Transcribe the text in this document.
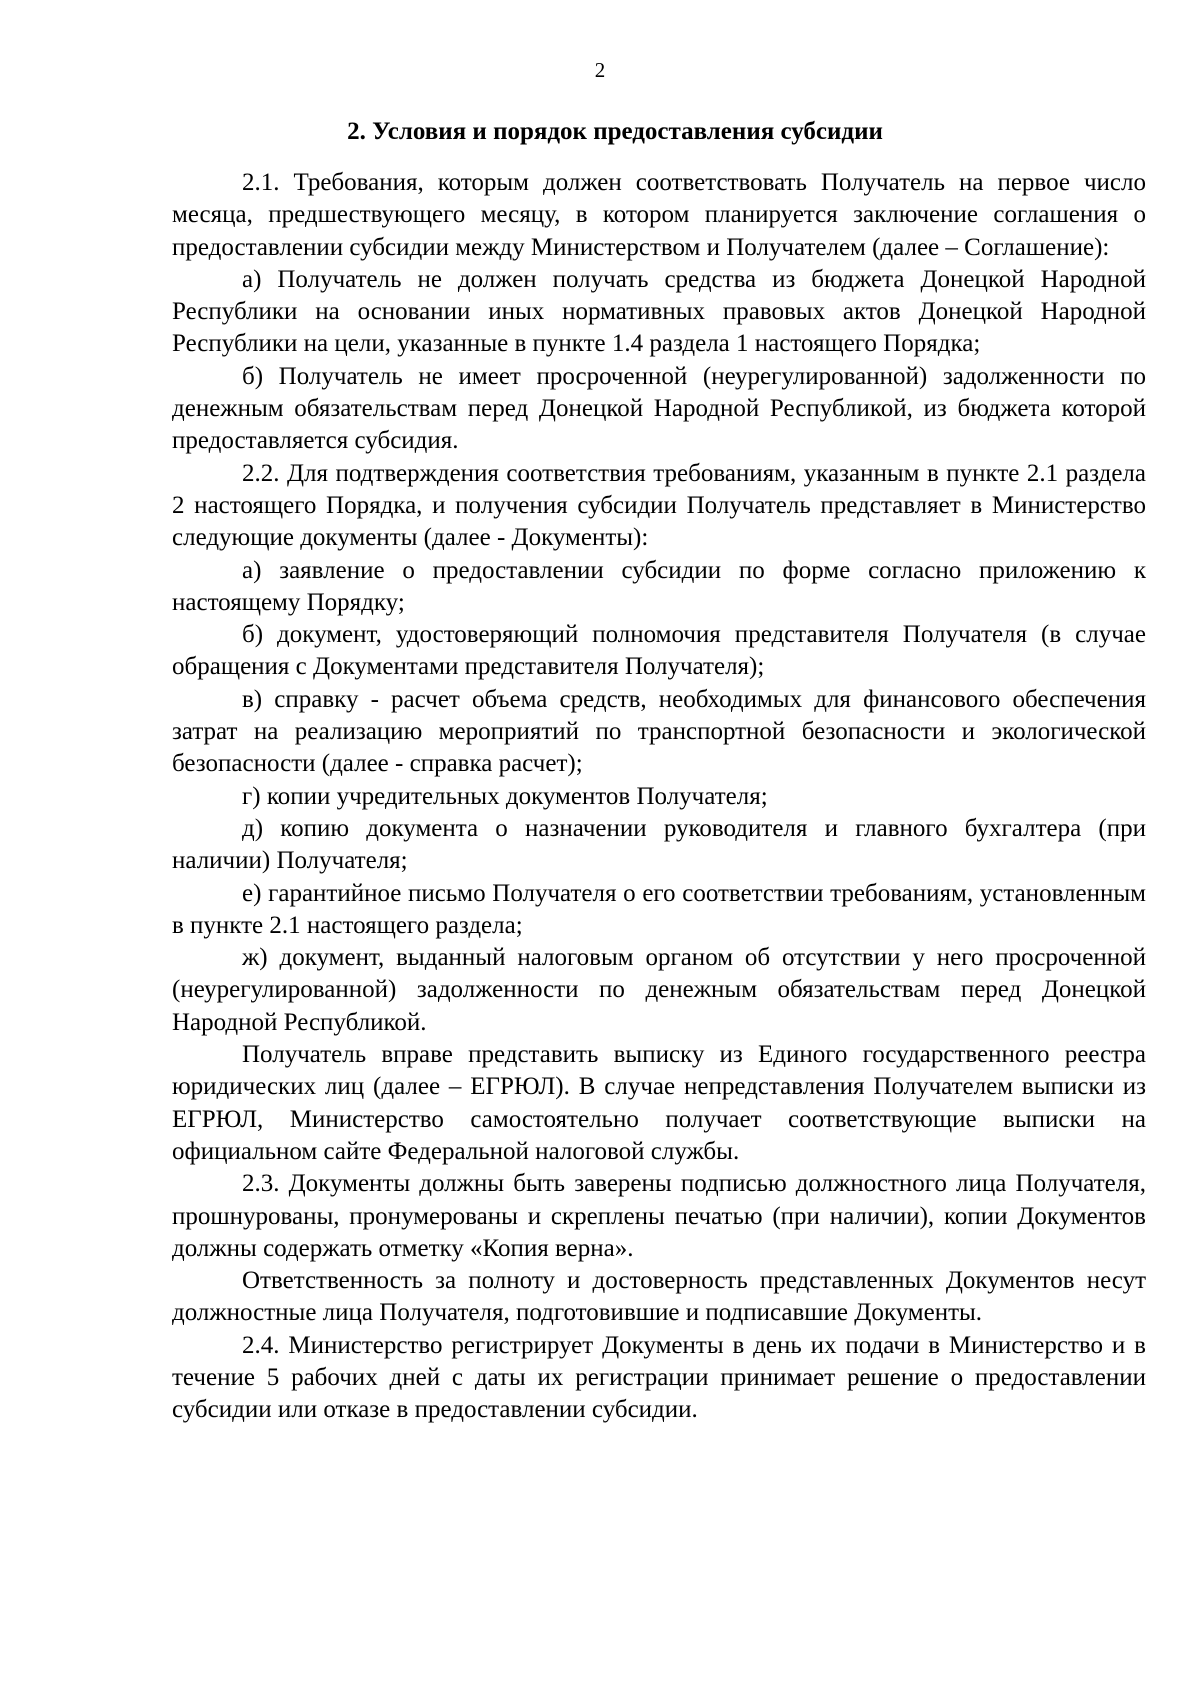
2
2. Условия и порядок предоставления субсидии

2.1. Требования, которым должен соответствовать Получатель на первое число месяца, предшествующего месяцу, в котором планируется заключение соглашения о предоставлении субсидии между Министерством и Получателем (далее – Соглашение):

а) Получатель не должен получать средства из бюджета Донецкой Народной Республики на основании иных нормативных правовых актов Донецкой Народной Республики на цели, указанные в пункте 1.4 раздела 1 настоящего Порядка;

б) Получатель не имеет просроченной (неурегулированной) задолженности по денежным обязательствам перед Донецкой Народной Республикой, из бюджета которой предоставляется субсидия.

2.2. Для подтверждения соответствия требованиям, указанным в пункте 2.1 раздела 2 настоящего Порядка, и получения субсидии Получатель представляет в Министерство следующие документы (далее - Документы):

а) заявление о предоставлении субсидии по форме согласно приложению к настоящему Порядку;

б) документ, удостоверяющий полномочия представителя Получателя (в случае обращения с Документами представителя Получателя);

в) справку - расчет объема средств, необходимых для финансового обеспечения затрат на реализацию мероприятий по транспортной безопасности и экологической безопасности (далее - справка расчет);

г) копии учредительных документов Получателя;

д) копию документа о назначении руководителя и главного бухгалтера (при наличии) Получателя;

е) гарантийное письмо Получателя о его соответствии требованиям, установленным в пункте 2.1 настоящего раздела;

ж) документ, выданный налоговым органом об отсутствии у него просроченной (неурегулированной) задолженности по денежным обязательствам перед Донецкой Народной Республикой.

Получатель вправе представить выписку из Единого государственного реестра юридических лиц (далее – ЕГРЮЛ). В случае непредставления Получателем выписки из ЕГРЮЛ, Министерство самостоятельно получает соответствующие выписки на официальном сайте Федеральной налоговой службы.

2.3. Документы должны быть заверены подписью должностного лица Получателя, прошнурованы, пронумерованы и скреплены печатью (при наличии), копии Документов должны содержать отметку «Копия верна».

Ответственность за полноту и достоверность представленных Документов несут должностные лица Получателя, подготовившие и подписавшие Документы.

2.4. Министерство регистрирует Документы в день их подачи в Министерство и в течение 5 рабочих дней с даты их регистрации принимает решение о предоставлении субсидии или отказе в предоставлении субсидии.
